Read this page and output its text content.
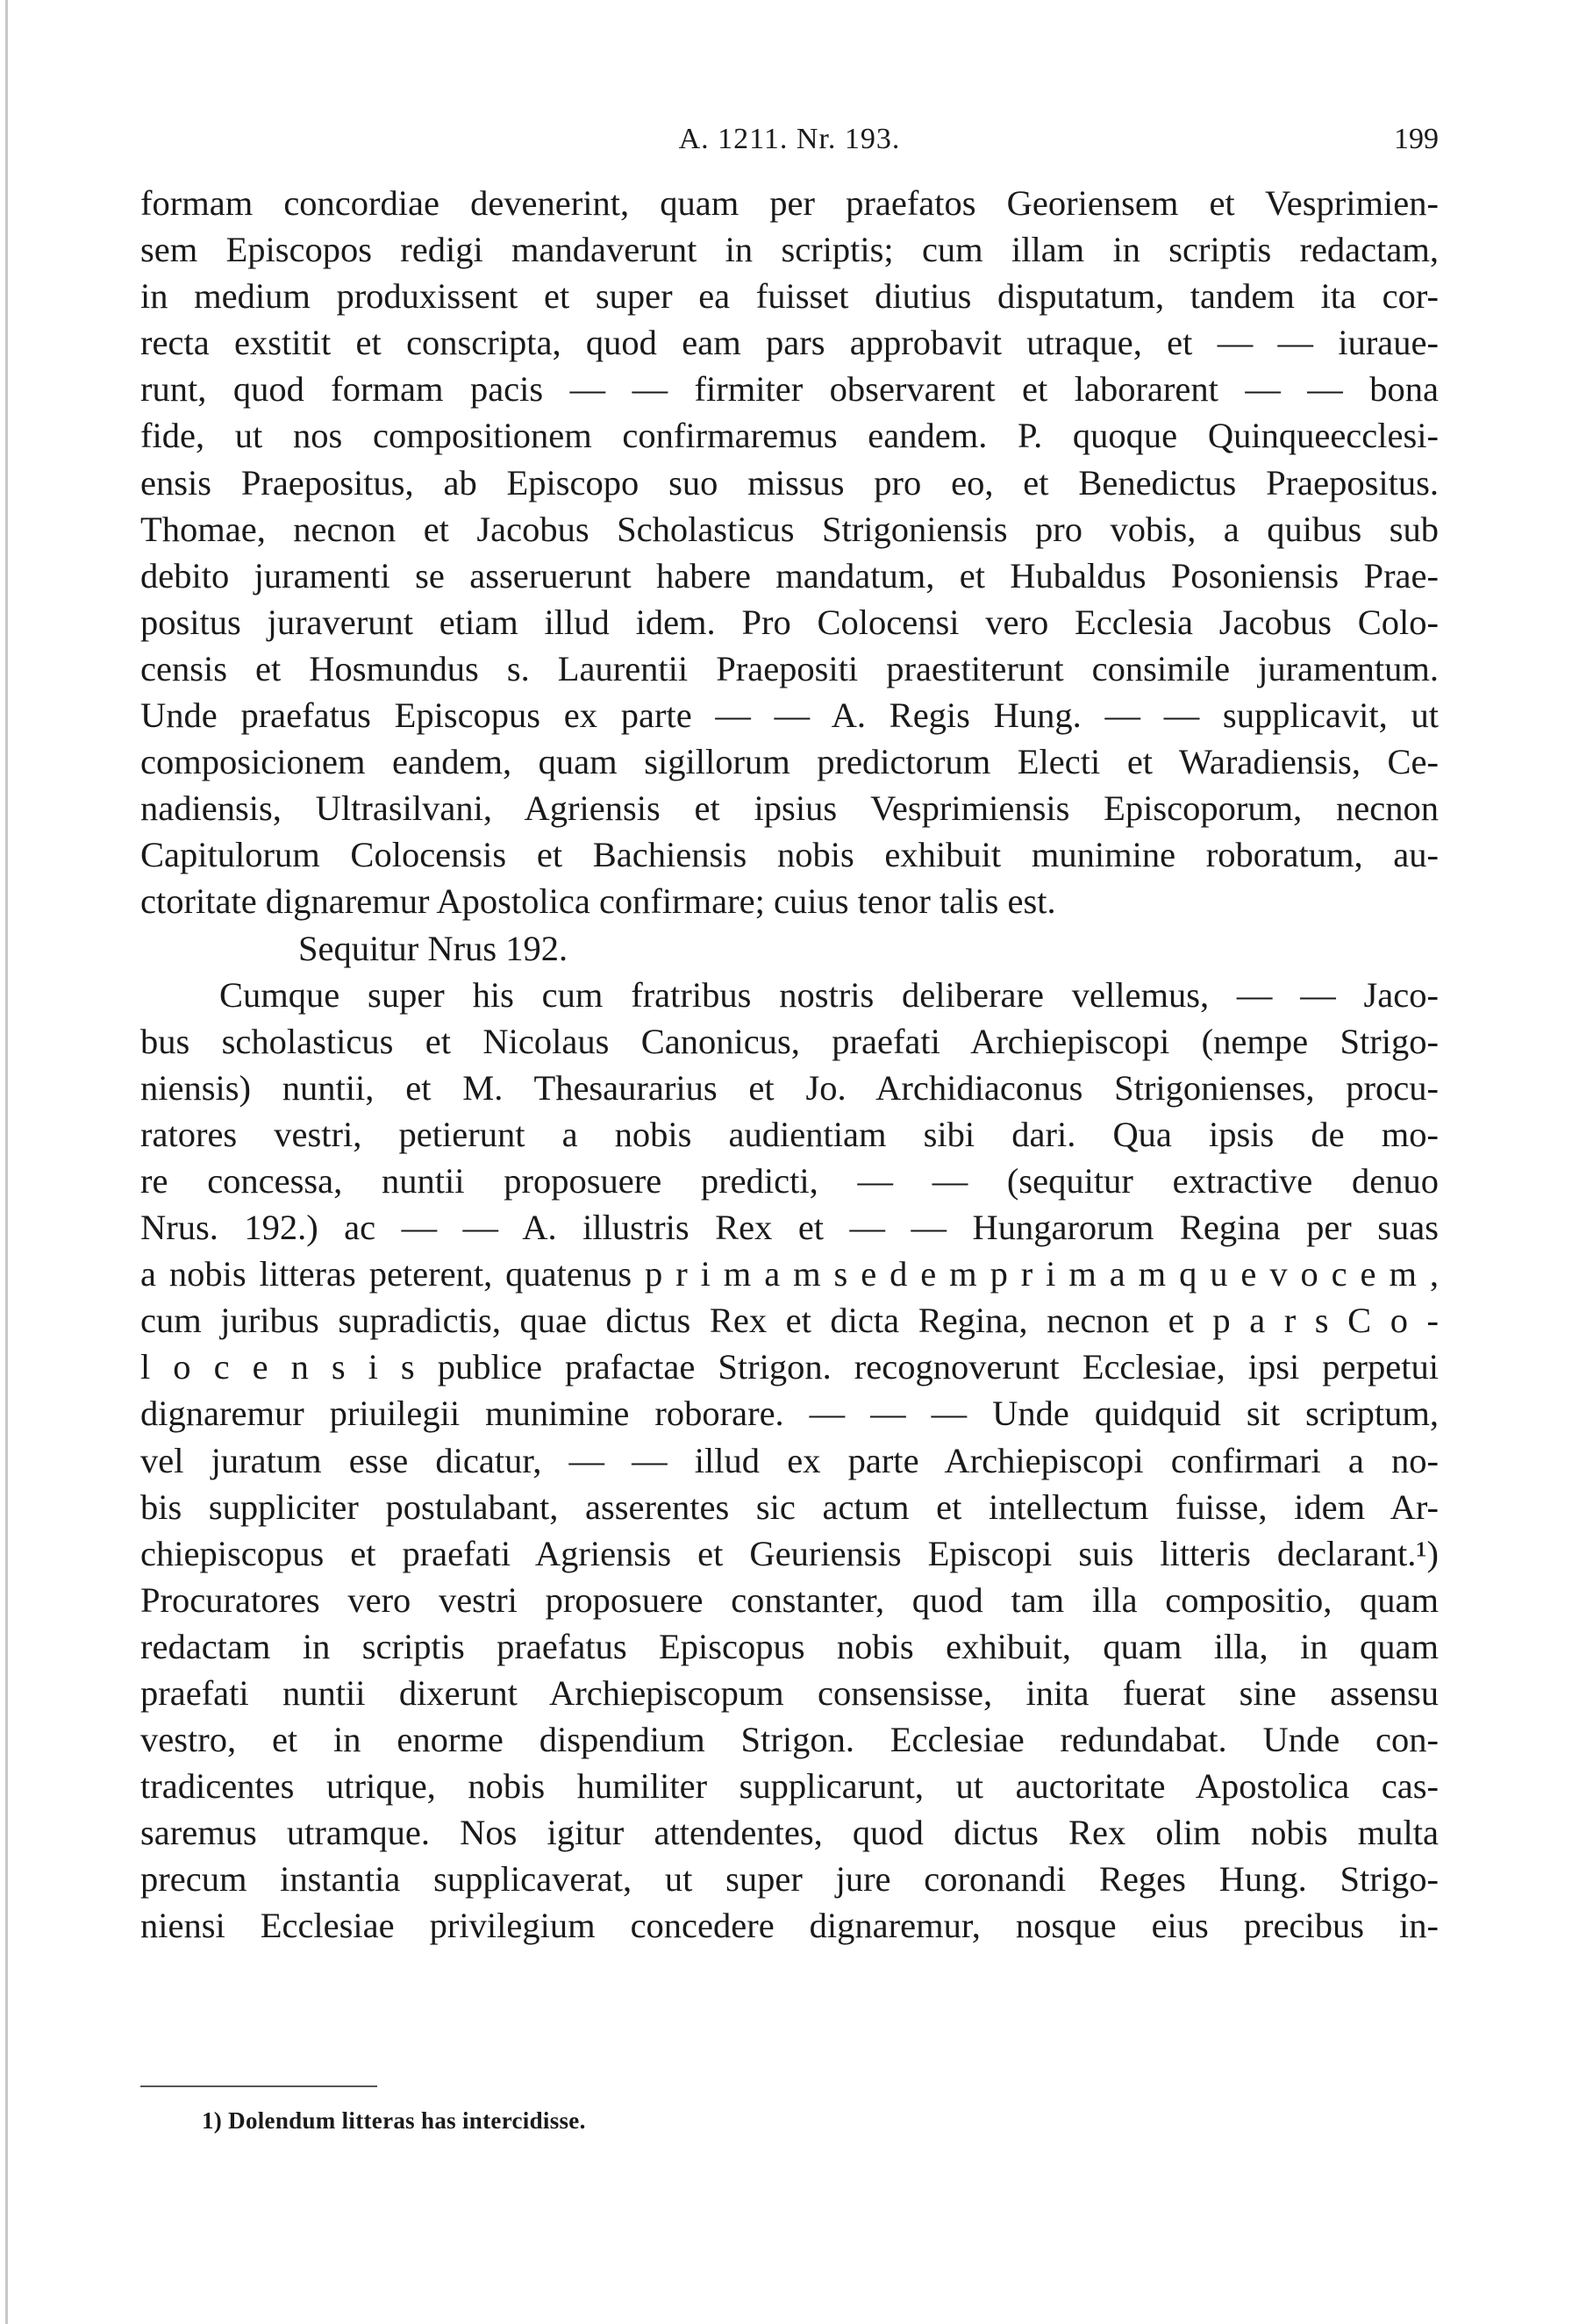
A. 1211. Nr. 193.	199
formam concordiae devenerint, quam per praefatos Georiensem et Vesprimien-
sem Episcopos redigi mandaverunt in scriptis; cum illam in scriptis redactam,
in medium produxissent et super ea fuisset diutius disputatum, tandem ita cor-
recta exstitit et conscripta, quod eam pars approbavit utraque, et — — iuraue-
runt, quod formam pacis — — firmiter observarent et laborarent — — bona
fide, ut nos compositionem confirmaremus eandem. P. quoque Quinqueecclesi-
ensis Praepositus, ab Episcopo suo missus pro eo, et Benedictus Praepositus.
Thomae, necnon et Jacobus Scholasticus Strigoniensis pro vobis, a quibus sub
debito juramenti se asseruerunt habere mandatum, et Hubaldus Posoniensis Prae-
positus juraverunt etiam illud idem. Pro Colocensi vero Ecclesia Jacobus Colo-
censis et Hosmundus s. Laurentii Praepositi praestiterunt consimile juramentum.
Unde praefatus Episcopus ex parte — — A. Regis Hung. — — supplicavit, ut
composicionem eandem, quam sigillorum predictorum Electi et Waradiensis, Ce-
nadiensis, Ultrasilvani, Agriensis et ipsius Vesprimiensis Episcoporum, necnon
Capitulorum Colocensis et Bachiensis nobis exhibuit munimine roboratum, au-
ctoritate dignaremur Apostolica confirmare; cuius tenor talis est.
Sequitur Nrus 192.
Cumque super his cum fratribus nostris deliberare vellemus, — — Jaco-
bus scholasticus et Nicolaus Canonicus, praefati Archiepiscopi (nempe Strigo-
niensis) nuntii, et M. Thesaurarius et Jo. Archidiaconus Strigonienses, procu-
ratores vestri, petierunt a nobis audientiam sibi dari. Qua ipsis de mo-
re concessa, nuntii proposuere predicti, — — (sequitur extractive denuo
Nrus. 192.) ac — — A. illustris Rex et — — Hungarorum Regina per suas
a nobis litteras peterent, quatenus p r i m a m s e d e m p r i m a m q u e v o c e m ,
cum juribus supradictis, quae dictus Rex et dicta Regina, necnon et p a r s C o -
l o c e n s i s publice prafactae Strigon. recognoverunt Ecclesiae, ipsi perpetui
dignaremur priuilegii munimine roborare. — — — Unde quidquid sit scriptum,
vel juratum esse dicatur, — — illud ex parte Archiepiscopi confirmari a no-
bis suppliciter postulabant, asserentes sic actum et intellectum fuisse, idem Ar-
chiepiscopus et praefati Agriensis et Geuriensis Episcopi suis litteris declarant.¹)
Procuratores vero vestri proposuere constanter, quod tam illa compositio, quam
redactam in scriptis praefatus Episcopus nobis exhibuit, quam illa, in quam
praefati nuntii dixerunt Archiepiscopum consensisse, inita fuerat sine assensu
vestro, et in enorme dispendium Strigon. Ecclesiae redundabat. Unde con-
tradicentes utrique, nobis humiliter supplicarunt, ut auctoritate Apostolica cas-
saremus utramque. Nos igitur attendentes, quod dictus Rex olim nobis multa
precum instantia supplicaverat, ut super jure coronandi Reges Hung. Strigo-
niensi Ecclesiae privilegium concedere dignaremur, nosque eius precibus in-
1) Dolendum litteras has intercidisse.
